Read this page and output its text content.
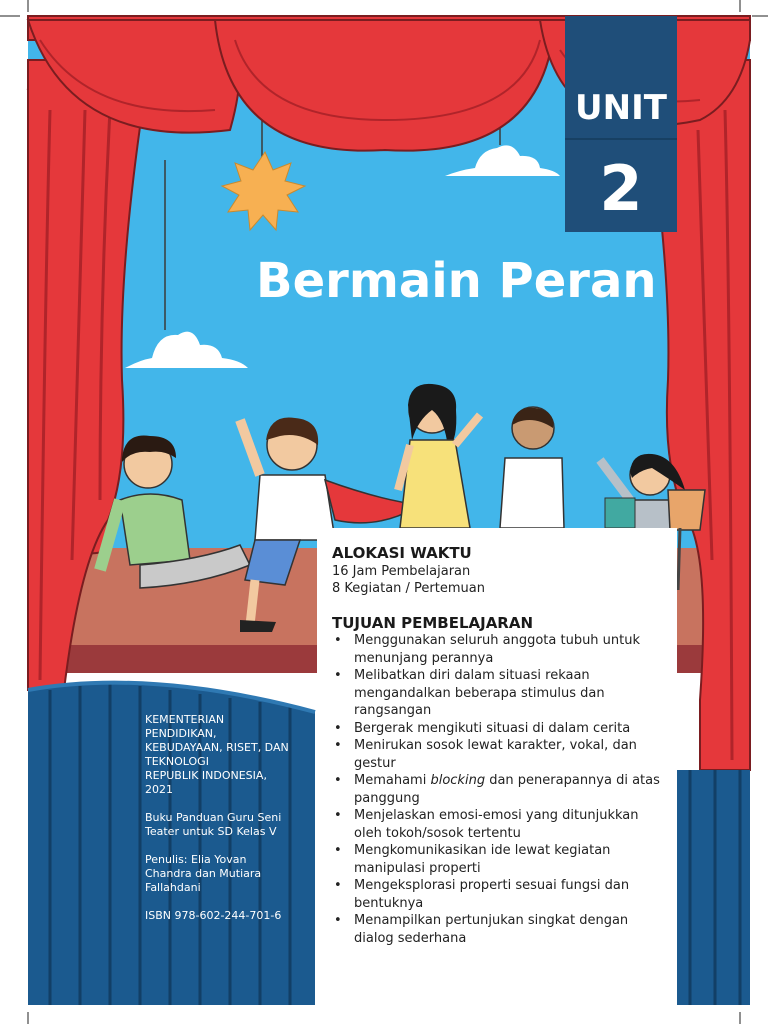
UNIT
2
Bermain Peran
ALOKASI WAKTU
16 Jam Pembelajaran
8 Kegiatan / Pertemuan
TUJUAN PEMBELAJARAN
• Menggunakan seluruh anggota tubuh untuk menunjang perannya
• Melibatkan diri dalam situasi rekaan mengandalkan beberapa stimulus dan rangsangan
• Bergerak mengikuti situasi di dalam cerita
• Menirukan sosok lewat karakter, vokal, dan gestur
• Memahami blocking dan penerapannya di atas panggung
• Menjelaskan emosi-emosi yang ditunjukkan oleh tokoh/sosok tertentu
• Mengkomunikasikan ide lewat kegiatan manipulasi properti
• Mengeksplorasi properti sesuai fungsi dan bentuknya
• Menampilkan pertunjukan singkat dengan dialog sederhana
KEMENTERIAN
PENDIDIKAN,
KEBUDAYAAN, RISET, DAN
TEKNOLOGI
REPUBLIK INDONESIA,
2021
Buku Panduan Guru Seni
Teater untuk SD Kelas V
Penulis: Elia Yovan
Chandra dan Mutiara
Fallahdani
ISBN 978-602-244-701-6
